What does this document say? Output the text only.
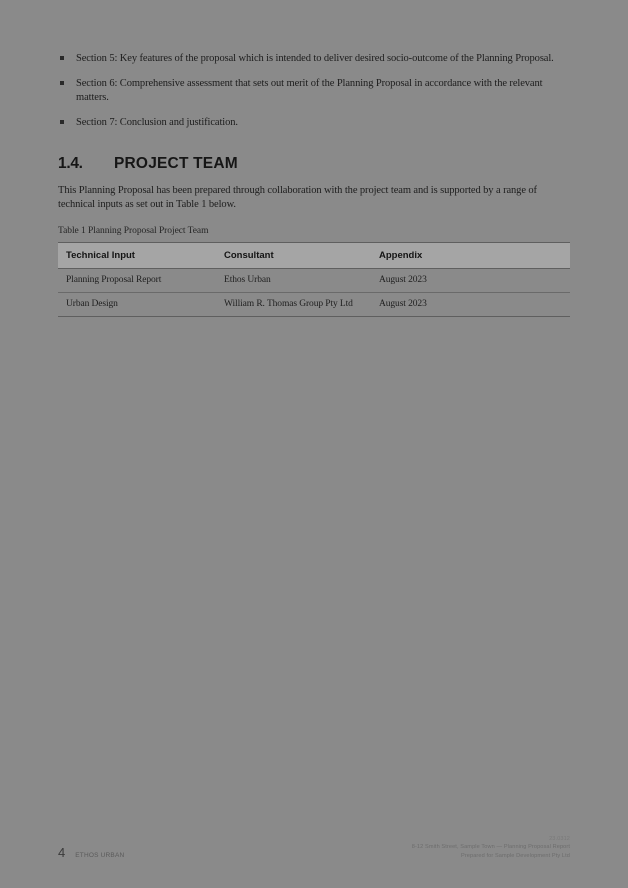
Section 5: Key features of the proposal which is intended to deliver desired socio-outcome of the Planning Proposal.
Section 6: Comprehensive assessment that sets out merit of the Planning Proposal in accordance with the relevant matters.
Section 7: Conclusion and justification.
1.4.	PROJECT TEAM

This Planning Proposal has been prepared through collaboration with the project team and is supported by a range of technical inputs as set out in Table 1 below.

Table 1 Planning Proposal Project Team

Technical Input	Consultant	Appendix
Planning Proposal Report	Ethos Urban	August 2023
Urban Design	William R. Thomas Group Pty Ltd	August 2023
4 ETHOS URBAN
23.0312
8-12 Smith Street, Sample Town — Planning Proposal Report
Prepared for Sample Development Pty Ltd
